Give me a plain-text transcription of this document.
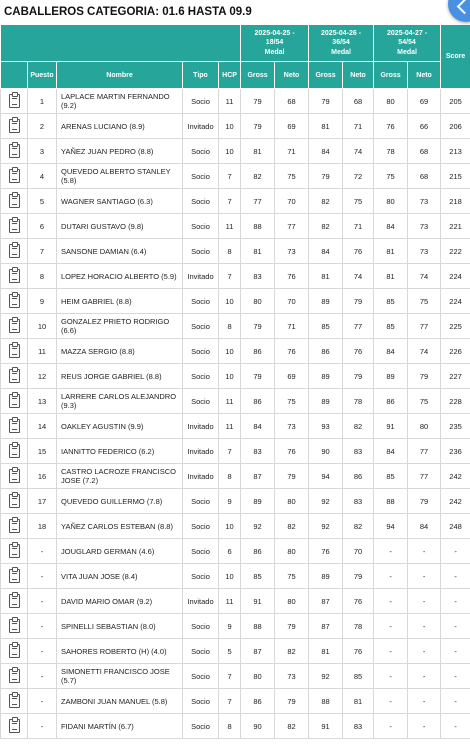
CABALLEROS CATEGORIA: 01.6 HASTA 09.9
					2025-04-25 -
18/54
Medal		2025-04-26 -
36/54
Medal		2025-04-27 -
54/54
Medal		Score
	Puesto	Nombre	Tipo	HCP	Gross	Neto	Gross	Neto	Gross	Neto	
	1	LAPLACE MARTIN FERNANDO (9.2)	Socio	11	79	68	79	68	80	69	205
	2	ARENAS LUCIANO (8.9)	Invitado	10	79	69	81	71	76	66	206
	3	YAÑEZ JUAN PEDRO (8.8)	Socio	10	81	71	84	74	78	68	213
	4	QUEVEDO ALBERTO STANLEY (5.8)	Socio	7	82	75	79	72	75	68	215
	5	WAGNER SANTIAGO (6.3)	Socio	7	77	70	82	75	80	73	218
	6	DUTARI GUSTAVO (9.8)	Socio	11	88	77	82	71	84	73	221
	7	SANSONE DAMIAN (6.4)	Socio	8	81	73	84	76	81	73	222
	8	LOPEZ HORACIO ALBERTO (5.9)	Invitado	7	83	76	81	74	81	74	224
	9	HEIM GABRIEL (8.8)	Socio	10	80	70	89	79	85	75	224
	10	GONZALEZ PRIETO RODRIGO (6.6)	Socio	8	79	71	85	77	85	77	225
	11	MAZZA SERGIO (8.8)	Socio	10	86	76	86	76	84	74	226
	12	REUS JORGE GABRIEL (8.8)	Socio	10	79	69	89	79	89	79	227
	13	LARRERE CARLOS ALEJANDRO (9.3)	Socio	11	86	75	89	78	86	75	228
	14	OAKLEY AGUSTIN (9.9)	Invitado	11	84	73	93	82	91	80	235
	15	IANNITTO FEDERICO (6.2)	Invitado	7	83	76	90	83	84	77	236
	16	CASTRO LACROZE FRANCISCO JOSE (7.2)	Invitado	8	87	79	94	86	85	77	242
	17	QUEVEDO GUILLERMO (7.8)	Socio	9	89	80	92	83	88	79	242
	18	YAÑEZ CARLOS ESTEBAN (8.8)	Socio	10	92	82	92	82	94	84	248
	-	JOUGLARD GERMAN (4.6)	Socio	6	86	80	76	70	-	-	-
	-	VITA JUAN JOSE (8.4)	Socio	10	85	75	89	79	-	-	-
	-	DAVID MARIO OMAR (9.2)	Invitado	11	91	80	87	76	-	-	-
	-	SPINELLI SEBASTIAN (8.0)	Socio	9	88	79	87	78	-	-	-
	-	SAHORES ROBERTO (H) (4.0)	Socio	5	87	82	81	76	-	-	-
	-	SIMONETTI FRANCISCO JOSE (5.7)	Socio	7	80	73	92	85	-	-	-
	-	ZAMBONI JUAN MANUEL (5.8)	Socio	7	86	79	88	81	-	-	-
	-	FIDANI MARTÍN (6.7)	Socio	8	90	82	91	83	-	-	-
